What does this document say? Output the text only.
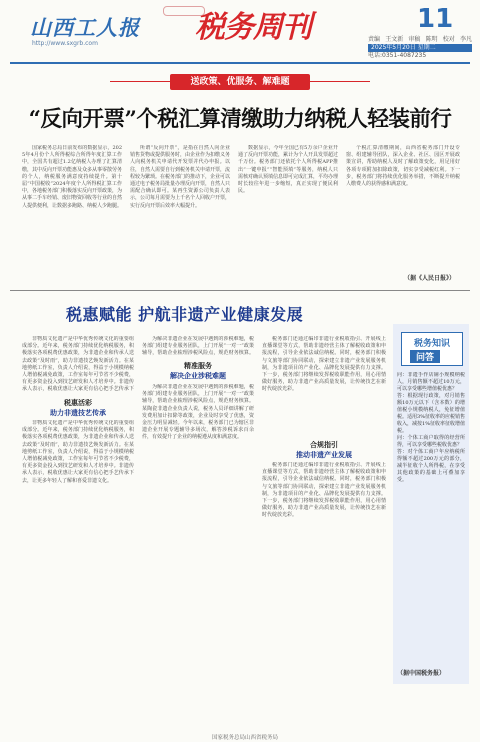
山西工人报
http://www.sxgrb.com	税务周刊	11
责编 王文新 审稿 陈明 校对 李凡
2025年5月20日 星期二
电话:0351-4087235
送政策、优服务、解难题
“反向开票”个税汇算清缴助力纳税人轻装前行

国家税务总局日前发布的数据显示，2025年4月份个人所得税综合所得年度汇算工作中，全国共有超过1.2亿纳税人办理了汇算清缴，其中反向开票功能惠及众多从事零散劳务的个人，纳税服务满意度持续提升。第十届“中国税收”2024年度个人所得税汇算工作中，各地税务部门积极落实反向开票政策，为从事二手车经销、废旧物资回收等行业的自然人提供便利，让数据多跑路、纳税人少跑腿。

所谓“反向开票”，是指在自然人向企业销售货物或提供服务时，由企业作为扣缴义务人向税务机关申请代开发票并代办申报。以往，自然人需要自行到税务机关申请开票，流程较为繁琐。在税务部门的推动下，企业可以通过电子税务局批量办理反向开票，自然人只需配合确认即可。某再生资源公司负责人表示，公司每月需要为上千名个人回收户开票，实行反向开票后效率大幅提升。

数据显示，今年全国已有5万余户企业开通了反向开票功能，累计为个人开具发票超过千万份。税务部门还依托个人所得税APP推出“一键申报”“智能预填”等服务，纳税人只需核对确认预填信息即可完成汇算，平均办理时长较往年进一步缩短，真正实现了便民利民。

个税汇算清缴期间，山西省税务部门开设专窗、组建辅导团队，深入企业、社区、园区开展政策宣讲，帮助纳税人及时了解政策变化，用足用好各项专项附加扣除政策，切实享受减税红利。下一步，税务部门将持续优化服务举措，不断提升纳税人缴费人的获得感和满意度。

（据《人民日报》）
税惠赋能 护航非遗产业健康发展

非物质文化遗产是中华优秀传统文化的重要组成部分。近年来，税务部门持续优化纳税服务，积极落实各项税费优惠政策，为非遗企业和传承人送去政策“及时雨”，助力非遗技艺焕发新活力。在某地剪纸工作室，负责人介绍说，得益于小规模纳税人增值税减免政策，工作室每年可节省不少税费，有更多资金投入到技艺研发和人才培养中。非遗传承人表示，税收优惠让大家更有信心把手艺传承下

税惠活彩
助力非遗技艺传承

非物质文化遗产是中华优秀传统文化的重要组成部分。近年来，税务部门持续优化纳税服务，积极落实各项税费优惠政策，为非遗企业和传承人送去政策“及时雨”，助力非遗技艺焕发新活力。在某地剪纸工作室，负责人介绍说，得益于小规模纳税人增值税减免政策，工作室每年可节省不少税费，有更多资金投入到技艺研发和人才培养中。非遗传承人表示，税收优惠让大家更有信心把手艺传承下去，让更多年轻人了解和喜爱非遗文化。

为解决非遗企业在发展中遇到的涉税难题，税务部门组建专业服务团队，上门开展“一对一”政策辅导，帮助企业梳理涉税风险点，规范财务核算。

精准服务
解决企业涉税难题

为解决非遗企业在发展中遇到的涉税难题，税务部门组建专业服务团队，上门开展“一对一”政策辅导，帮助企业梳理涉税风险点，规范财务核算。某陶瓷非遗企业负责人说，税务人员详细讲解了研发费用加计扣除等政策，企业及时享受了优惠，资金压力明显减轻。今年以来，税务部门已为辖区非遗企业开展专题辅导多场次，解答涉税诉求百余件，有效提升了企业的纳税遵从度和满意度。

税务部门还通过编印非遗行业税收指引、开展线上直播课堂等方式，帮助非遗经营主体了解税收政策和申报流程，引导企业依法诚信纳税。同时，税务部门积极与文旅等部门协同联动，探索建立非遗产业发展服务机制，为非遗项目的产业化、品牌化发展提供有力支撑。下一步，税务部门将继续发挥税收职能作用，用心用情做好服务，助力非遗产业高质量发展，让传统技艺在新时代绽放光彩。

合规指引
推动非遗产业发展

税务部门还通过编印非遗行业税收指引、开展线上直播课堂等方式，帮助非遗经营主体了解税收政策和申报流程，引导企业依法诚信纳税。同时，税务部门积极与文旅等部门协同联动，探索建立非遗产业发展服务机制，为非遗项目的产业化、品牌化发展提供有力支撑。下一步，税务部门将继续发挥税收职能作用，用心用情做好服务，助力非遗产业高质量发展，让传统技艺在新时代绽放光彩。

税务知识
问答

问：非遗手作店铺小规模纳税人，月销售额不超过10万元，可以享受哪些增值税优惠？

答：根据现行政策，对月销售额10万元以下（含本数）的增值税小规模纳税人，免征增值税。适用3%征收率的应税销售收入，减按1%征收率征收增值税。

问：个体工商户取得的经营所得，可以享受哪些税收优惠？

答：对个体工商户年应纳税所得额不超过200万元的部分，减半征收个人所得税，在享受其他政策的基础上可叠加享受。

（据中国税务报）
国家税务总局山西省税务局
